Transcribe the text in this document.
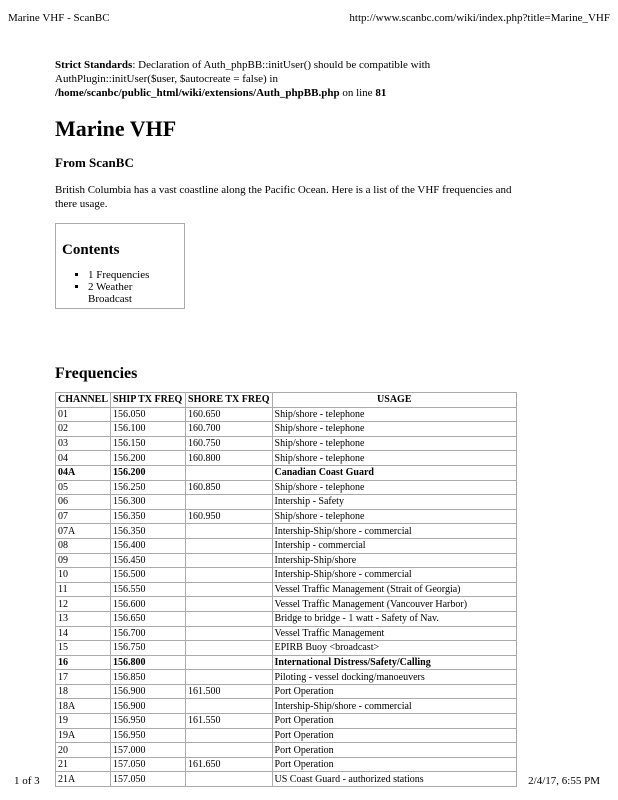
Marine VHF - ScanBC	http://www.scanbc.com/wiki/index.php?title=Marine_VHF

Strict Standards: Declaration of Auth_phpBB::initUser() should be compatible with AuthPlugin::initUser($user, $autocreate = false) in /home/scanbc/public_html/wiki/extensions/Auth_phpBB.php on line 81

Marine VHF
From ScanBC

British Columbia has a vast coastline along the Pacific Ocean. Here is a list of the VHF frequencies and there usage.

Contents
▪ 1 Frequencies
▪ 2 Weather Broadcast
Frequencies
CHANNEL	SHIP TX FREQ	SHORE TX FREQ	USAGE
01	156.050	160.650	Ship/shore - telephone
02	156.100	160.700	Ship/shore - telephone
03	156.150	160.750	Ship/shore - telephone
04	156.200	160.800	Ship/shore - telephone
04A	156.200		Canadian Coast Guard
05	156.250	160.850	Ship/shore - telephone
06	156.300		Intership - Safety
07	156.350	160.950	Ship/shore - telephone
07A	156.350		Intership-Ship/shore - commercial
08	156.400		Intership - commercial
09	156.450		Intership-Ship/shore
10	156.500		Intership-Ship/shore - commercial
11	156.550		Vessel Traffic Management (Strait of Georgia)
12	156.600		Vessel Traffic Management (Vancouver Harbor)
13	156.650		Bridge to bridge - 1 watt - Safety of Nav.
14	156.700		Vessel Traffic Management
15	156.750		EPIRB Buoy <broadcast>
16	156.800		International Distress/Safety/Calling
17	156.850		Piloting - vessel docking/manoeuvers
18	156.900	161.500	Port Operation
18A	156.900		Intership-Ship/shore - commercial
19	156.950	161.550	Port Operation
19A	156.950		Port Operation
20	157.000		Port Operation
21	157.050	161.650	Port Operation
21A	157.050		US Coast Guard - authorized stations
1 of 3	2/4/17, 6:55 PM
